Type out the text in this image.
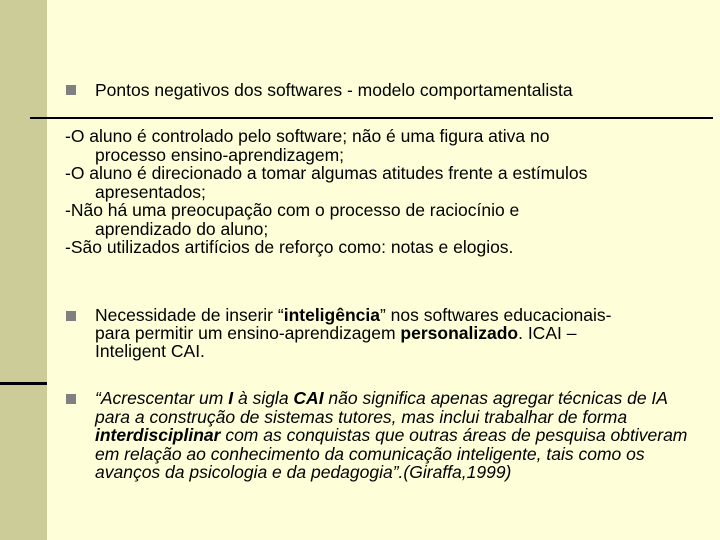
Pontos negativos dos softwares - modelo comportamentalista

-O aluno é controlado pelo software; não é uma figura ativa no
processo ensino-aprendizagem;

-O aluno é direcionado a tomar algumas atitudes frente a estímulos
apresentados;

-Não há uma preocupação com o processo de raciocínio e
aprendizado do aluno;

-São utilizados artifícios de reforço como: notas e elogios.

Necessidade de inserir “inteligência” nos softwares educacionais- para permitir um ensino-aprendizagem personalizado. ICAI – Inteligent CAI.
“Acrescentar um I à sigla CAI não significa apenas agregar técnicas de IA para a construção de sistemas tutores, mas inclui trabalhar de forma interdisciplinar com as conquistas que outras áreas de pesquisa obtiveram em relação ao conhecimento da comunicação inteligente, tais como os avanços da psicologia e da pedagogia”.(Giraffa,1999)
